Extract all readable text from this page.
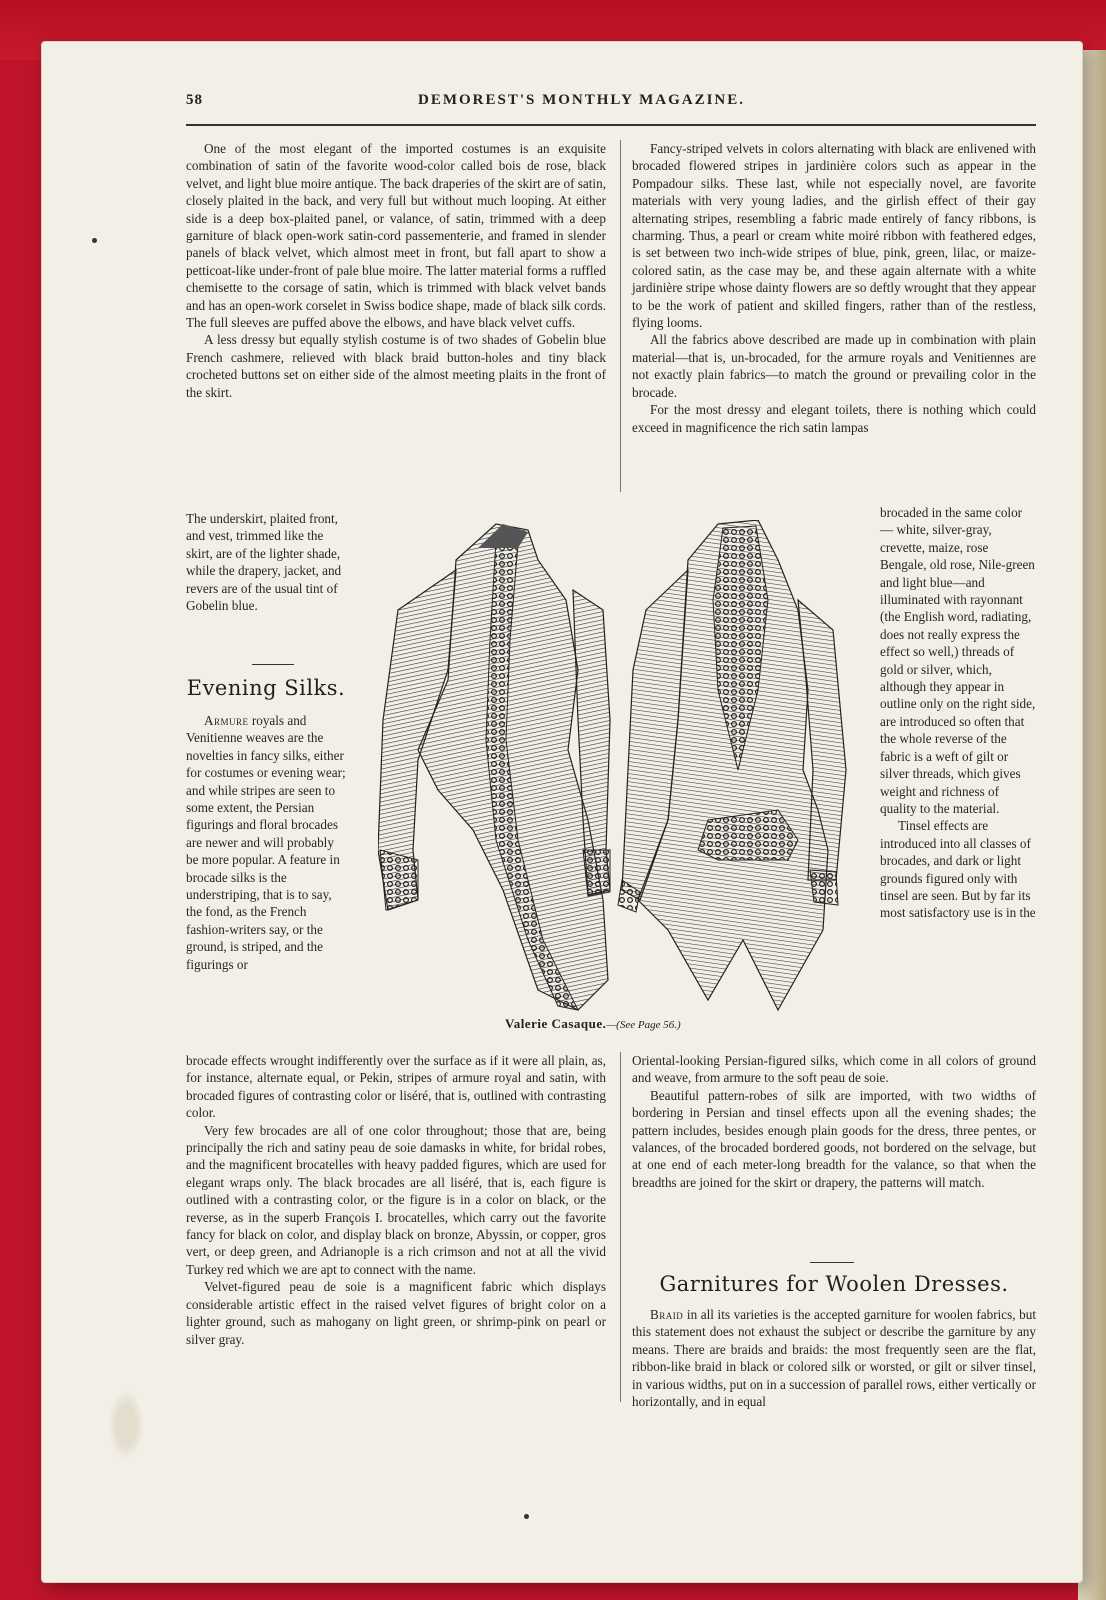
58	DEMOREST'S MONTHLY MAGAZINE.

One of the most elegant of the imported costumes is an exquisite combination of satin of the favorite wood-color called bois de rose, black velvet, and light blue moire antique. The back draperies of the skirt are of satin, closely plaited in the back, and very full but without much looping. At either side is a deep box-plaited panel, or valance, of satin, trimmed with a deep garniture of black open-work satin-cord passementerie, and framed in slender panels of black velvet, which almost meet in front, but fall apart to show a petticoat-like under-front of pale blue moire. The latter material forms a ruffled chemisette to the corsage of satin, which is trimmed with black velvet bands and has an open-work corselet in Swiss bodice shape, made of black silk cords. The full sleeves are puffed above the elbows, and have black velvet cuffs.

A less dressy but equally stylish costume is of two shades of Gobelin blue French cashmere, relieved with black braid button-holes and tiny black crocheted buttons set on either side of the almost meeting plaits in the front of the skirt.

The underskirt, plaited front, and vest, trimmed like the skirt, are of the lighter shade, while the drapery, jacket, and revers are of the usual tint of Gobelin blue.

Evening Silks.

Armure royals and Venitienne weaves are the novelties in fancy silks, either for costumes or evening wear; and while stripes are seen to some extent, the Persian figurings and floral brocades are newer and will probably be more popular. A feature in brocade silks is the understriping, that is to say, the fond, as the French fashion-writers say, or the ground, is striped, and the figurings or

Valerie Casaque.—(See Page 56.)

brocade effects wrought indifferently over the surface as if it were all plain, as, for instance, alternate equal, or Pekin, stripes of armure royal and satin, with brocaded figures of contrasting color or liséré, that is, outlined with contrasting color.

Very few brocades are all of one color throughout; those that are, being principally the rich and satiny peau de soie damasks in white, for bridal robes, and the magnificent brocatelles with heavy padded figures, which are used for elegant wraps only. The black brocades are all liséré, that is, each figure is outlined with a contrasting color, or the figure is in a color on black, or the reverse, as in the superb François I. brocatelles, which carry out the favorite fancy for black on color, and display black on bronze, Abyssin, or copper, gros vert, or deep green, and Adrianople is a rich crimson and not at all the vivid Turkey red which we are apt to connect with the name.

Velvet-figured peau de soie is a magnificent fabric which displays considerable artistic effect in the raised velvet figures of bright color on a lighter ground, such as mahogany on light green, or shrimp-pink on pearl or silver gray.

Fancy-striped velvets in colors alternating with black are enlivened with brocaded flowered stripes in jardinière colors such as appear in the Pompadour silks. These last, while not especially novel, are favorite materials with very young ladies, and the girlish effect of their gay alternating stripes, resembling a fabric made entirely of fancy ribbons, is charming. Thus, a pearl or cream white moiré ribbon with feathered edges, is set between two inch-wide stripes of blue, pink, green, lilac, or maize-colored satin, as the case may be, and these again alternate with a white jardinière stripe whose dainty flowers are so deftly wrought that they appear to be the work of patient and skilled fingers, rather than of the restless, flying looms.

All the fabrics above described are made up in combination with plain material—that is, un-brocaded, for the armure royals and Venitiennes are not exactly plain fabrics—to match the ground or prevailing color in the brocade.

For the most dressy and elegant toilets, there is nothing which could exceed in magnificence the rich satin lampas

brocaded in the same color — white, silver-gray, crevette, maize, rose Bengale, old rose, Nile-green and light blue—and illuminated with rayonnant (the English word, radiating, does not really express the effect so well,) threads of gold or silver, which, although they appear in outline only on the right side, are introduced so often that the whole reverse of the fabric is a weft of gilt or silver threads, which gives weight and richness of quality to the material.

Tinsel effects are introduced into all classes of brocades, and dark or light grounds figured only with tinsel are seen. But by far its most satisfactory use is in the

Oriental-looking Persian-figured silks, which come in all colors of ground and weave, from armure to the soft peau de soie.

Beautiful pattern-robes of silk are imported, with two widths of bordering in Persian and tinsel effects upon all the evening shades; the pattern includes, besides enough plain goods for the dress, three pentes, or valances, of the brocaded bordered goods, not bordered on the selvage, but at one end of each meter-long breadth for the valance, so that when the breadths are joined for the skirt or drapery, the patterns will match.

Garnitures for Woolen Dresses.

Braid in all its varieties is the accepted garniture for woolen fabrics, but this statement does not exhaust the subject or describe the garniture by any means. There are braids and braids: the most frequently seen are the flat, ribbon-like braid in black or colored silk or worsted, or gilt or silver tinsel, in various widths, put on in a succession of parallel rows, either vertically or horizontally, and in equal
